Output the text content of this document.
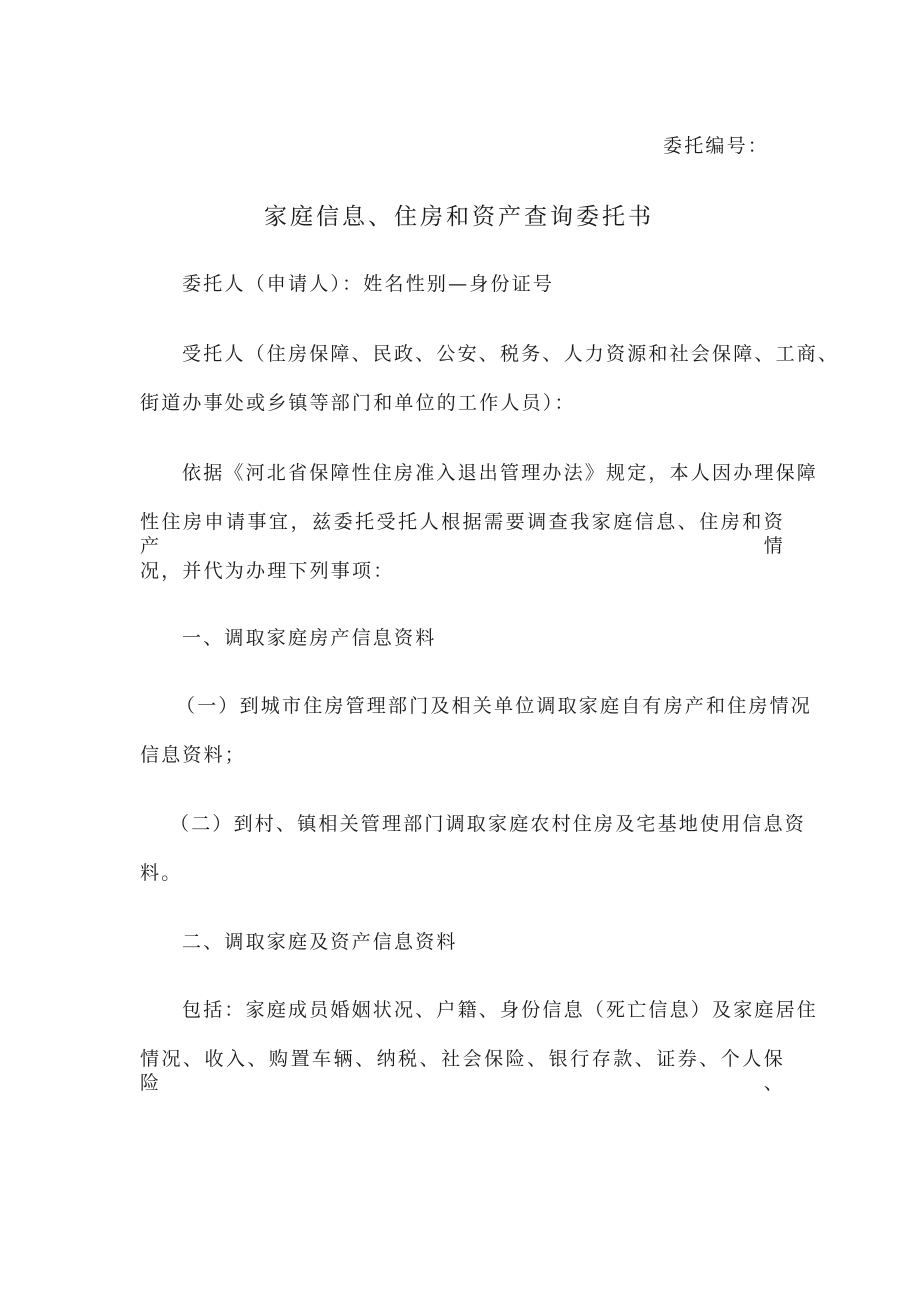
委托编号：
家庭信息、住房和资产查询委托书
委托人（申请人）：姓名性别—身份证号
受托人（住房保障、民政、公安、税务、人力资源和社会保障、工商、
街道办事处或乡镇等部门和单位的工作人员）：
依据《河北省保障性住房准入退出管理办法》规定，本人因办理保障
性住房申请事宜，兹委托受托人根据需要调查我家庭信息、住房和资产情
况，并代为办理下列事项：
一、调取家庭房产信息资料
（一）到城市住房管理部门及相关单位调取家庭自有房产和住房情况
信息资料；
（二）到村、镇相关管理部门调取家庭农村住房及宅基地使用信息资
料。
二、调取家庭及资产信息资料
包括：家庭成员婚姻状况、户籍、身份信息（死亡信息）及家庭居住
情况、收入、购置车辆、纳税、社会保险、银行存款、证券、个人保险、
